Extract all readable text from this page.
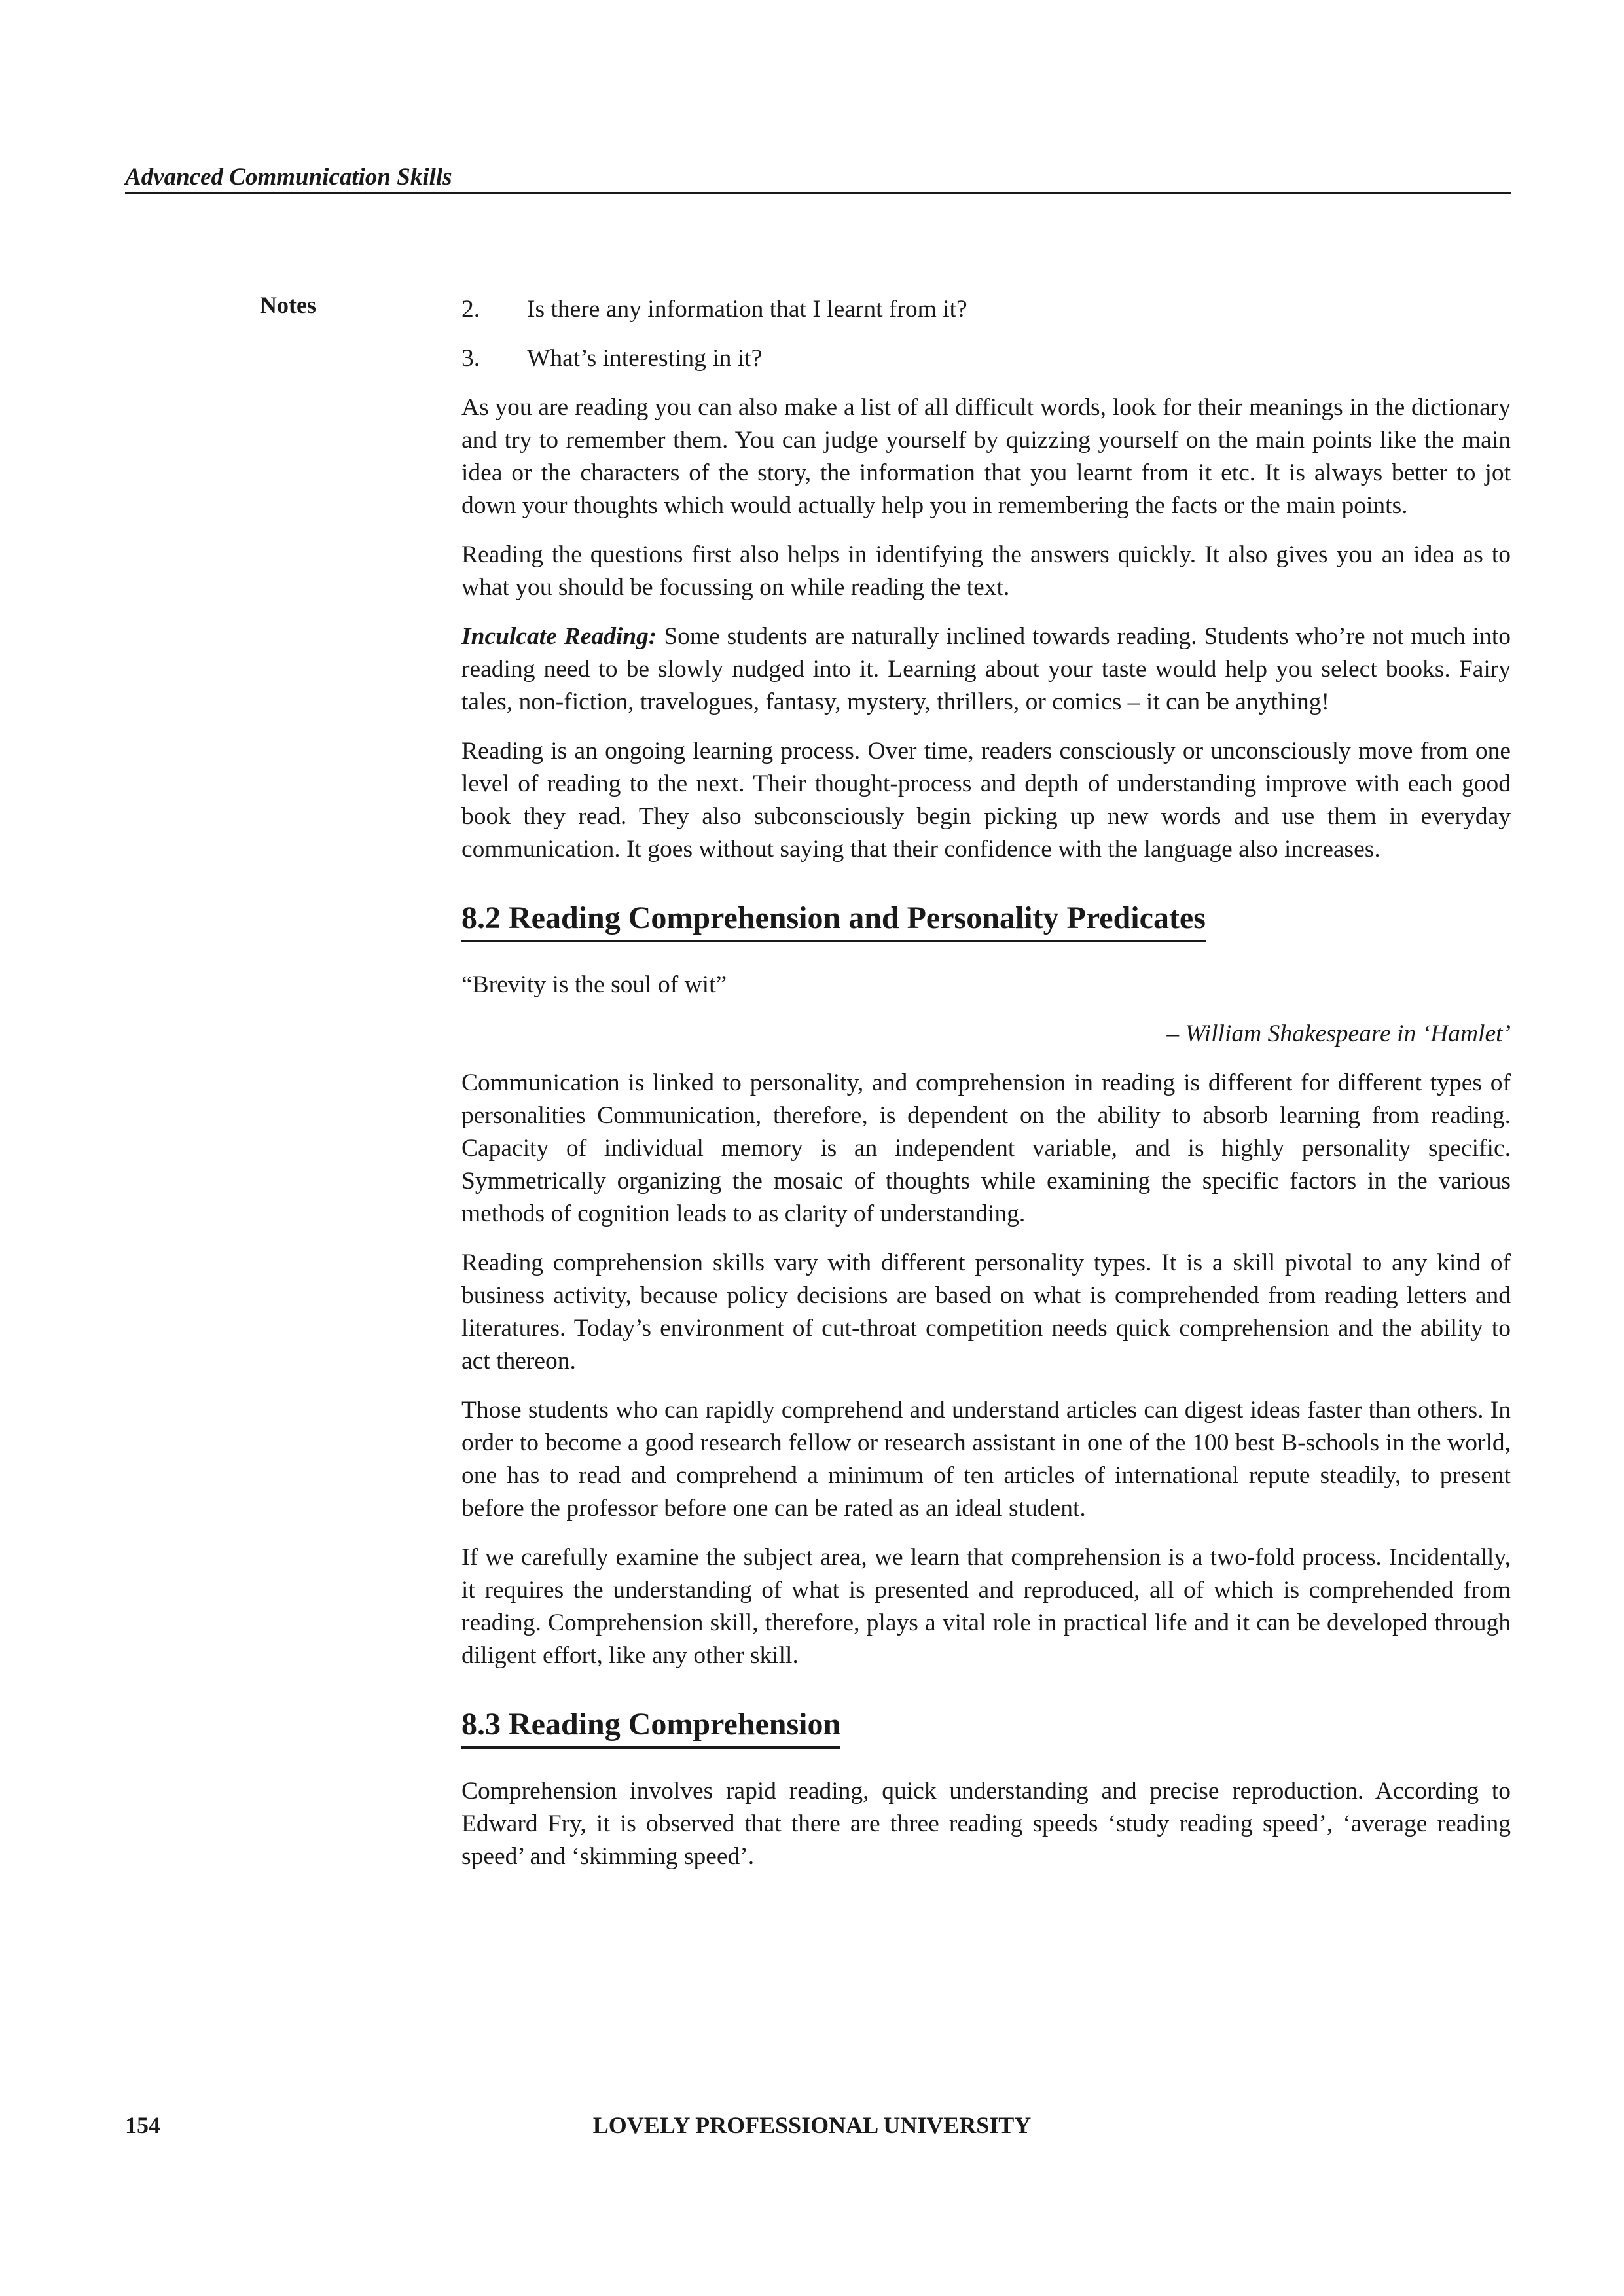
Advanced Communication Skills
Notes	2.	Is there any information that I learnt from it?
3.	What’s interesting in it?

As you are reading you can also make a list of all difficult words, look for their meanings in the dictionary and try to remember them. You can judge yourself by quizzing yourself on the main points like the main idea or the characters of the story, the information that you learnt from it etc. It is always better to jot down your thoughts which would actually help you in remembering the facts or the main points.

Reading the questions first also helps in identifying the answers quickly. It also gives you an idea as to what you should be focussing on while reading the text.

Inculcate Reading: Some students are naturally inclined towards reading. Students who’re not much into reading need to be slowly nudged into it. Learning about your taste would help you select books. Fairy tales, non-fiction, travelogues, fantasy, mystery, thrillers, or comics – it can be anything!

Reading is an ongoing learning process. Over time, readers consciously or unconsciously move from one level of reading to the next. Their thought-process and depth of understanding improve with each good book they read. They also subconsciously begin picking up new words and use them in everyday communication. It goes without saying that their confidence with the language also increases.

8.2 Reading Comprehension and Personality Predicates

“Brevity is the soul of wit”

– William Shakespeare in ‘Hamlet’

Communication is linked to personality, and comprehension in reading is different for different types of personalities Communication, therefore, is dependent on the ability to absorb learning from reading. Capacity of individual memory is an independent variable, and is highly personality specific. Symmetrically organizing the mosaic of thoughts while examining the specific factors in the various methods of cognition leads to as clarity of understanding.

Reading comprehension skills vary with different personality types. It is a skill pivotal to any kind of business activity, because policy decisions are based on what is comprehended from reading letters and literatures. Today’s environment of cut-throat competition needs quick comprehension and the ability to act thereon.

Those students who can rapidly comprehend and understand articles can digest ideas faster than others. In order to become a good research fellow or research assistant in one of the 100 best B-schools in the world, one has to read and comprehend a minimum of ten articles of international repute steadily, to present before the professor before one can be rated as an ideal student.

If we carefully examine the subject area, we learn that comprehension is a two-fold process. Incidentally, it requires the understanding of what is presented and reproduced, all of which is comprehended from reading. Comprehension skill, therefore, plays a vital role in practical life and it can be developed through diligent effort, like any other skill.

8.3 Reading Comprehension

Comprehension involves rapid reading, quick understanding and precise reproduction. According to Edward Fry, it is observed that there are three reading speeds ‘study reading speed’, ‘average reading speed’ and ‘skimming speed’.

154	LOVELY PROFESSIONAL UNIVERSITY
